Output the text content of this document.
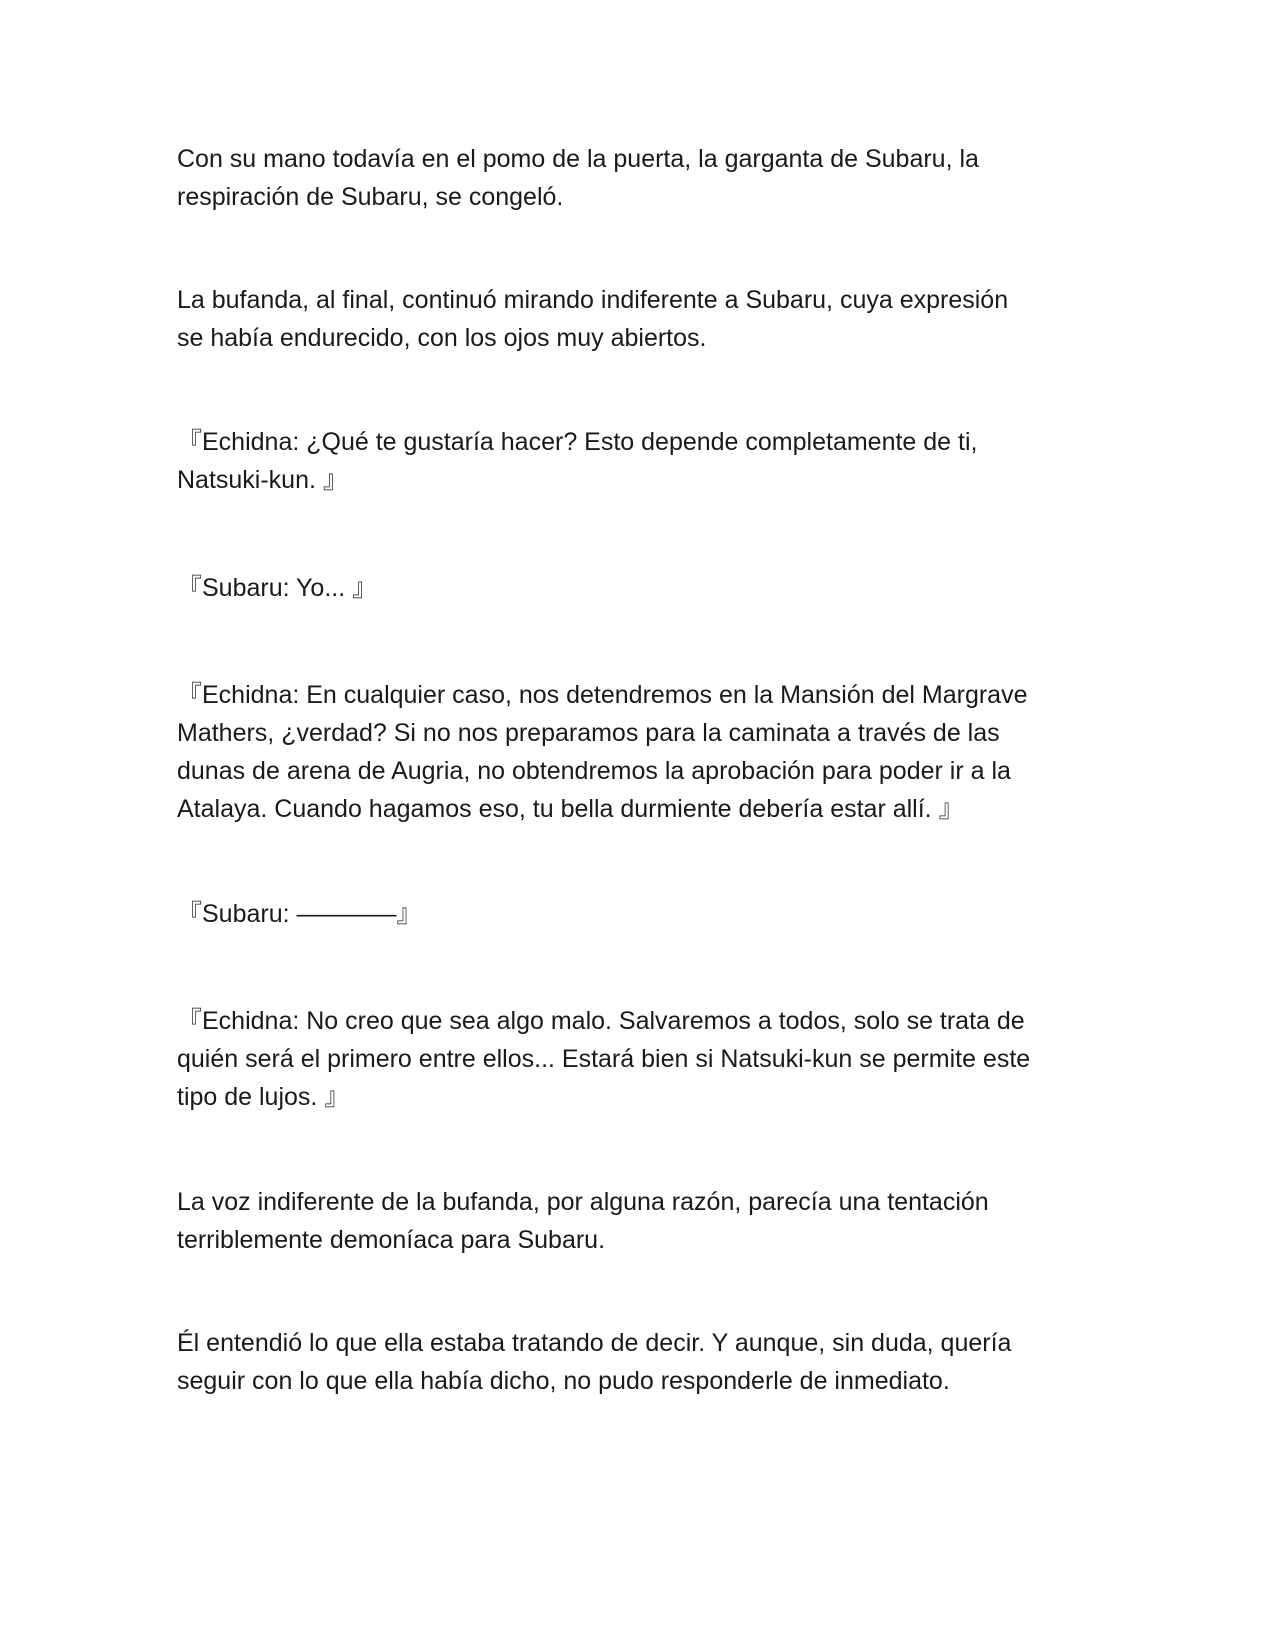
Con su mano todavía en el pomo de la puerta, la garganta de Subaru, la
respiración de Subaru, se congeló.

La bufanda, al final, continuó mirando indiferente a Subaru, cuya expresión
se había endurecido, con los ojos muy abiertos.

『Echidna: ¿Qué te gustaría hacer? Esto depende completamente de ti,
Natsuki-kun. 』

『Subaru: Yo... 』

『Echidna: En cualquier caso, nos detendremos en la Mansión del Margrave
Mathers, ¿verdad? Si no nos preparamos para la caminata a través de las
dunas de arena de Augria, no obtendremos la aprobación para poder ir a la
Atalaya. Cuando hagamos eso, tu bella durmiente debería estar allí. 』

『Subaru: ————』

『Echidna: No creo que sea algo malo. Salvaremos a todos, solo se trata de
quién será el primero entre ellos... Estará bien si Natsuki-kun se permite este
tipo de lujos. 』

La voz indiferente de la bufanda, por alguna razón, parecía una tentación
terriblemente demoníaca para Subaru.

Él entendió lo que ella estaba tratando de decir. Y aunque, sin duda, quería
seguir con lo que ella había dicho, no pudo responderle de inmediato.
